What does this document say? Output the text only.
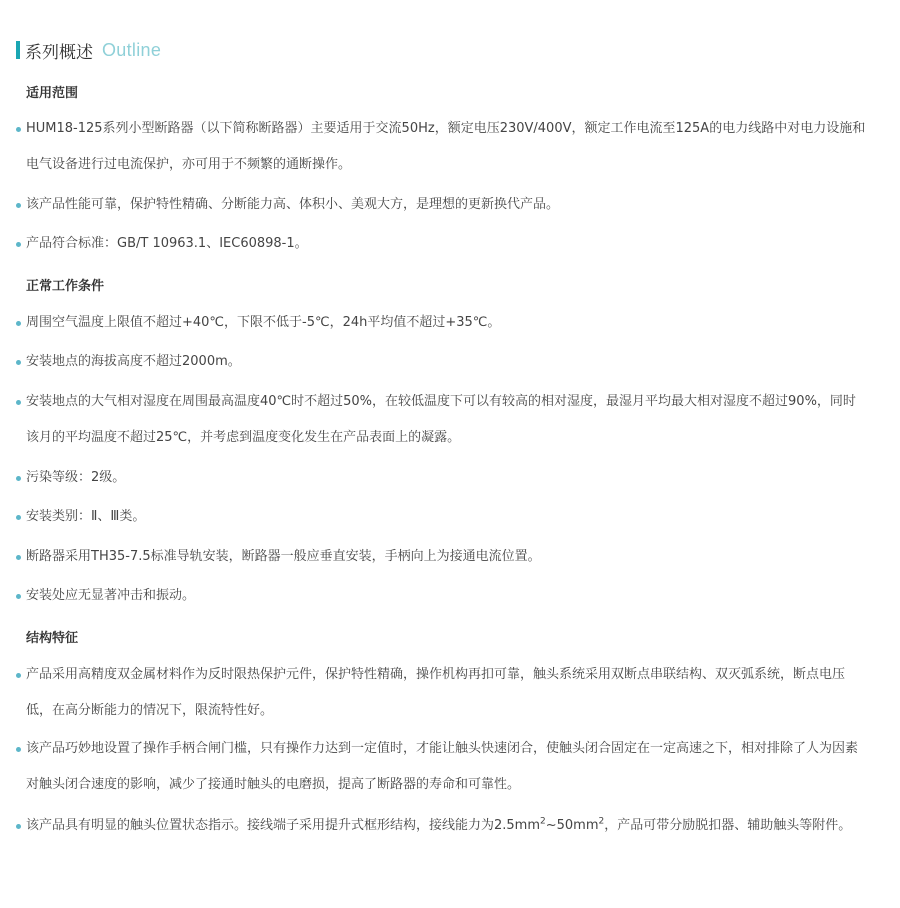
系列概述 Outline
适用范围
HUM18-125系列小型断路器（以下简称断路器）主要适用于交流50Hz，额定电压230V/400V，额定工作电流至125A的电力线路中对电力设施和电气设备进行过电流保护，亦可用于不频繁的通断操作。
该产品性能可靠，保护特性精确、分断能力高、体积小、美观大方，是理想的更新换代产品。
产品符合标准：GB/T 10963.1、IEC60898-1。
正常工作条件
周围空气温度上限值不超过+40℃，下限不低于-5℃，24h平均值不超过+35℃。
安装地点的海拔高度不超过2000m。
安装地点的大气相对湿度在周围最高温度40℃时不超过50%，在较低温度下可以有较高的相对湿度，最湿月平均最大相对湿度不超过90%，同时该月的平均温度不超过25℃，并考虑到温度变化发生在产品表面上的凝露。
污染等级：2级。
安装类别：Ⅱ、Ⅲ类。
断路器采用TH35-7.5标准导轨安装，断路器一般应垂直安装，手柄向上为接通电流位置。
安装处应无显著冲击和振动。
结构特征
产品采用高精度双金属材料作为反时限热保护元件，保护特性精确，操作机构再扣可靠，触头系统采用双断点串联结构、双灭弧系统，断点电压低，在高分断能力的情况下，限流特性好。
该产品巧妙地设置了操作手柄合闸门槛，只有操作力达到一定值时，才能让触头快速闭合，使触头闭合固定在一定高速之下，相对排除了人为因素对触头闭合速度的影响，减少了接通时触头的电磨损，提高了断路器的寿命和可靠性。
该产品具有明显的触头位置状态指示。接线端子采用提升式框形结构，接线能力为$2.5mm^2\sim 50mm^2$，产品可带分励脱扣器、辅助触头等附件。
